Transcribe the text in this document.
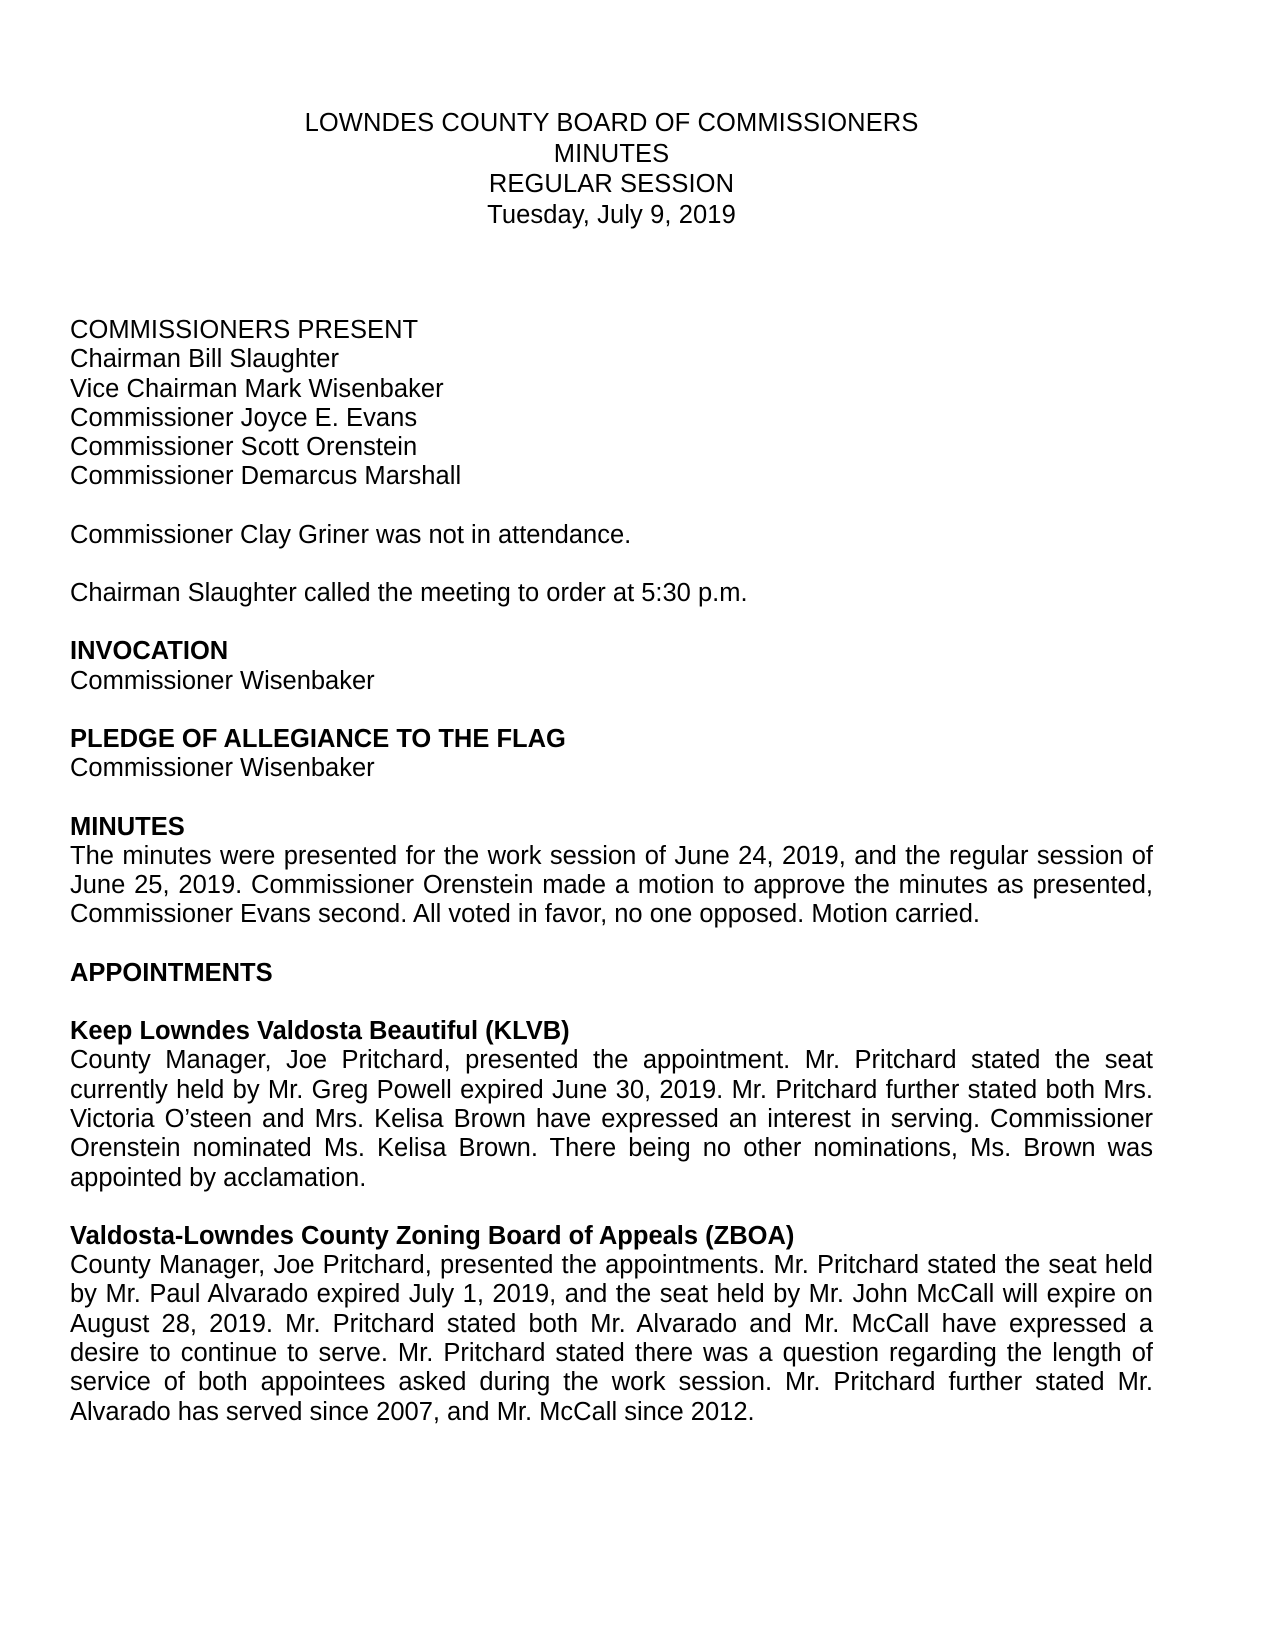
LOWNDES COUNTY BOARD OF COMMISSIONERS
MINUTES
REGULAR SESSION
Tuesday, July 9, 2019
COMMISSIONERS PRESENT
Chairman Bill Slaughter
Vice Chairman Mark Wisenbaker
Commissioner Joyce E. Evans
Commissioner Scott Orenstein
Commissioner Demarcus Marshall

Commissioner Clay Griner was not in attendance.

Chairman Slaughter called the meeting to order at 5:30 p.m.

INVOCATION

Commissioner Wisenbaker

PLEDGE OF ALLEGIANCE TO THE FLAG

Commissioner Wisenbaker

MINUTES

The minutes were presented for the work session of June 24, 2019, and the regular session of June 25, 2019. Commissioner Orenstein made a motion to approve the minutes as presented, Commissioner Evans second. All voted in favor, no one opposed. Motion carried.

APPOINTMENTS

Keep Lowndes Valdosta Beautiful (KLVB)

County Manager, Joe Pritchard, presented the appointment. Mr. Pritchard stated the seat currently held by Mr. Greg Powell expired June 30, 2019. Mr. Pritchard further stated both Mrs. Victoria O’steen and Mrs. Kelisa Brown have expressed an interest in serving. Commissioner Orenstein nominated Ms. Kelisa Brown. There being no other nominations, Ms. Brown was appointed by acclamation.

Valdosta-Lowndes County Zoning Board of Appeals (ZBOA)

County Manager, Joe Pritchard, presented the appointments. Mr. Pritchard stated the seat held by Mr. Paul Alvarado expired July 1, 2019, and the seat held by Mr. John McCall will expire on August 28, 2019. Mr. Pritchard stated both Mr. Alvarado and Mr. McCall have expressed a desire to continue to serve. Mr. Pritchard stated there was a question regarding the length of service of both appointees asked during the work session. Mr. Pritchard further stated Mr. Alvarado has served since 2007, and Mr. McCall since 2012.
